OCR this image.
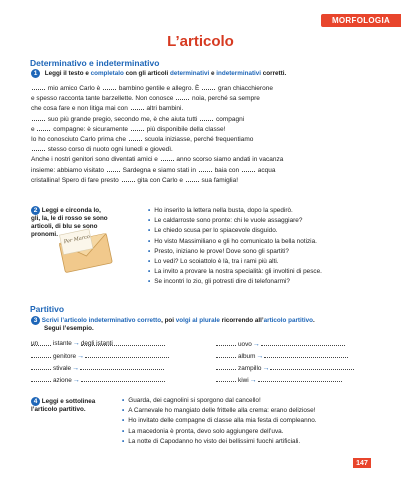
MORFOLOGIA
L’articolo
Determinativo e indeterminativo
1 Leggi il testo e completalo con gli articoli determinativi e indeterminativi corretti.
mio amico Carlo è  bambino gentile e allegro. È  gran chiacchierone
e spesso racconta tante barzellette. Non conosce  noia, perché sa sempre
che cosa fare e non litiga mai con  altri bambini.
suo più grande pregio, secondo me, è che aiuta tutti  compagni
e  compagne: è sicuramente  più disponibile della classe!
Io ho conosciuto Carlo prima che  scuola iniziasse, perché frequentiamo
stesso corso di nuoto ogni lunedì e giovedì.
Anche i nostri genitori sono diventati amici e  anno scorso siamo andati in vacanza
insieme: abbiamo visitato  Sardegna e siamo stati in  baia con  acqua
cristallina! Spero di fare presto  gita con Carlo e  sua famiglia!
2 Leggi e circonda lo, gli, la, le di rosso se sono articoli, di blu se sono pronomi.	Per Marco
• Ho inserito la lettera nella busta, dopo la spedirò.
• Le caldarroste sono pronte: chi le vuole assaggiare?
• Le chiedo scusa per lo spiacevole disguido.
• Ho visto Massimiliano e gli ho comunicato la bella notizia.
• Presto, iniziano le prove! Dove sono gli spartiti?
• Lo vedi? Lo scoiattolo è là, tra i rami più alti.
• La invito a provare la nostra specialità: gli involtini di pesce.
• Se incontri lo zio, gli potresti dire di telefonarmi?
Partitivo
3 Scrivi l’articolo indeterminativo corretto, poi volgi al plurale ricorrendo all’articolo partitivo.
Segui l’esempio.
un istante→degli istanti	uovo→
genitore→	album→
stivale→	zampillo→
azione→	kiwi→
4 Leggi e sottolinea l’articolo partitivo.
• Guarda, dei cagnolini si sporgono dal cancello!
• A Carnevale ho mangiato delle frittelle alla crema: erano deliziose!
• Ho invitato delle compagne di classe alla mia festa di compleanno.
• La macedonia è pronta, devo solo aggiungere dell’uva.
• La notte di Capodanno ho visto dei bellissimi fuochi artificiali.
147
